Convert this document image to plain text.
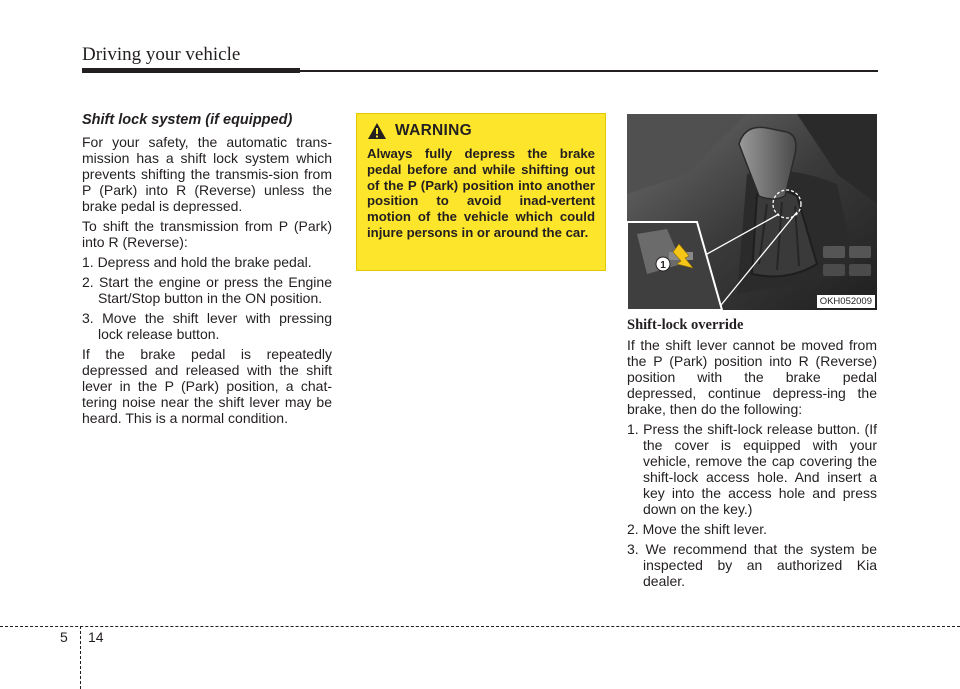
Driving your vehicle

Shift lock system (if equipped)

For your safety, the automatic trans-mission has a shift lock system which prevents shifting the transmis-sion from P (Park) into R (Reverse) unless the brake pedal is depressed.

To shift the transmission from P (Park) into R (Reverse):

1. Depress and hold the brake pedal.

2. Start the engine or press the Engine Start/Stop button in the ON position.

3. Move the shift lever with pressing lock release button.

If the brake pedal is repeatedly depressed and released with the shift lever in the P (Park) position, a chat-tering noise near the shift lever may be heard. This is a normal condition.

WARNING
Always fully depress the brake pedal before and while shifting out of the P (Park) position into another position to avoid inad-vertent motion of the vehicle which could injure persons in or around the car.
1
OKH052009

Shift-lock override

If the shift lever cannot be moved from the P (Park) position into R (Reverse) position with the brake pedal depressed, continue depress-ing the brake, then do the following:

1. Press the shift-lock release button. (If the cover is equipped with your vehicle, remove the cap covering the shift-lock access hole. And insert a key into the access hole and press down on the key.)

2. Move the shift lever.

3. We recommend that the system be inspected by an authorized Kia dealer.

5 14
